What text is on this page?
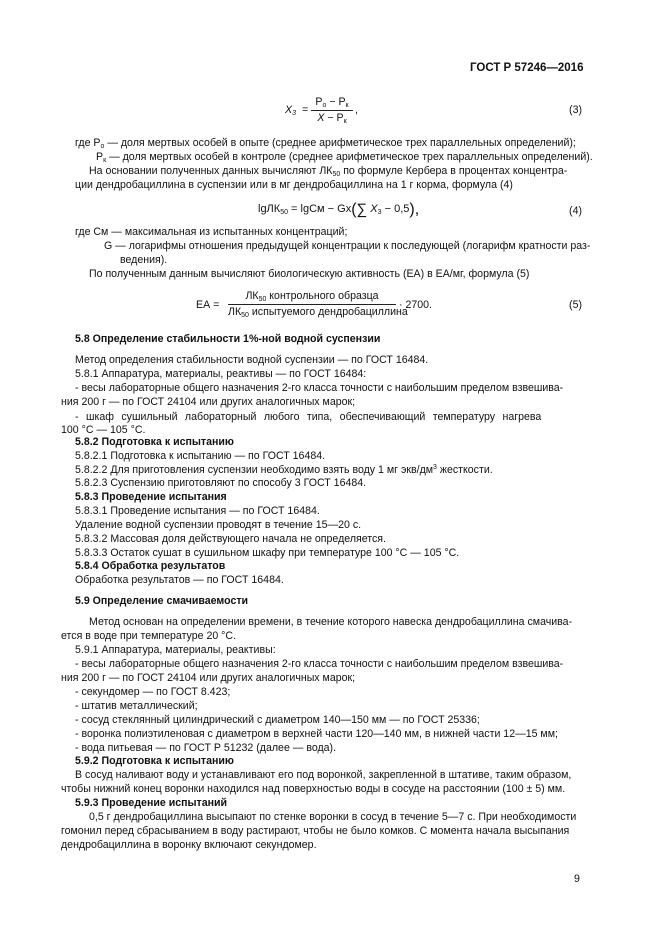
ГОСТ Р 57246—2016
$X_3$ =
$P_o - P_к$
$X - P_к$
,	(3)
где $P_о$ — доля мертвых особей в опыте (среднее арифметическое трех параллельных определений);
$P_к$ — доля мертвых особей в контроле (среднее арифметическое трех параллельных определений).
На основании полученных данных вычисляют $ЛК_{50}$ по формуле Кербера в процентах концентра-
ции дендробациллина в суспензии или в мг дендробациллина на 1 г корма, формула (4)
lgЛК$_{50}$ = lgCм − Gx(∑ $X_3 - 0,5$),	(4)
где Cм — максимальная из испытанных концентраций;
G — логарифмы отношения предыдущей концентрации к последующей (логарифм кратности раз-
ведения).
По полученным данным вычисляют биологическую активность (ЕА) в ЕА/мг, формула (5)
ЕА =
$ЛК_{50}$ контрольного образца
$ЛК_{50}$ испытуемого дендробациллина
· 2700.	(5)
5.8 Определение стабильности 1%-ной водной суспензии
Метод определения стабильности водной суспензии — по ГОСТ 16484.
5.8.1 Аппаратура, материалы, реактивы — по ГОСТ 16484:
- весы лабораторные общего назначения 2-го класса точности с наибольшим пределом взвешива-
ния 200 г — по ГОСТ 24104 или других аналогичных марок;
- шкаф сушильный лабораторный любого типа, обеспечивающий температуру нагрева
100 °С — 105 °С.
5.8.2 Подготовка к испытанию
5.8.2.1 Подготовка к испытанию — по ГОСТ 16484.
5.8.2.2 Для приготовления суспензии необходимо взять воду 1 мг экв/$дм^3$ жесткости.
5.8.2.3 Суспензию приготовляют по способу 3 ГОСТ 16484.
5.8.3 Проведение испытания
5.8.3.1 Проведение испытания — по ГОСТ 16484.
Удаление водной суспензии проводят в течение 15—20 с.
5.8.3.2 Массовая доля действующего начала не определяется.
5.8.3.3 Остаток сушат в сушильном шкафу при температуре 100 °С — 105 °С.
5.8.4 Обработка результатов
Обработка результатов — по ГОСТ 16484.
5.9 Определение смачиваемости
Метод основан на определении времени, в течение которого навеска дендробациллина смачива-
ется в воде при температуре 20 °С.
5.9.1 Аппаратура, материалы, реактивы:
- весы лабораторные общего назначения 2-го класса точности с наибольшим пределом взвешива-
ния 200 г — по ГОСТ 24104 или других аналогичных марок;
- секундомер — по ГОСТ 8.423;
- штатив металлический;
- сосуд стеклянный цилиндрический с диаметром 140—150 мм — по ГОСТ 25336;
- воронка полиэтиленовая с диаметром в верхней части 120—140 мм, в нижней части 12—15 мм;
- вода питьевая — по ГОСТ Р 51232 (далее — вода).
5.9.2 Подготовка к испытанию
В сосуд наливают воду и устанавливают его под воронкой, закрепленной в штативе, таким образом,
чтобы нижний конец воронки находился над поверхностью воды в сосуде на расстоянии (100 ± 5) мм.
5.9.3 Проведение испытаний
0,5 г дендробациллина высыпают по стенке воронки в сосуд в течение 5—7 с. При необходимости
гомонил перед сбрасыванием в воду растирают, чтобы не было комков. С момента начала высыпания
дендробациллина в воронку включают секундомер.
9
